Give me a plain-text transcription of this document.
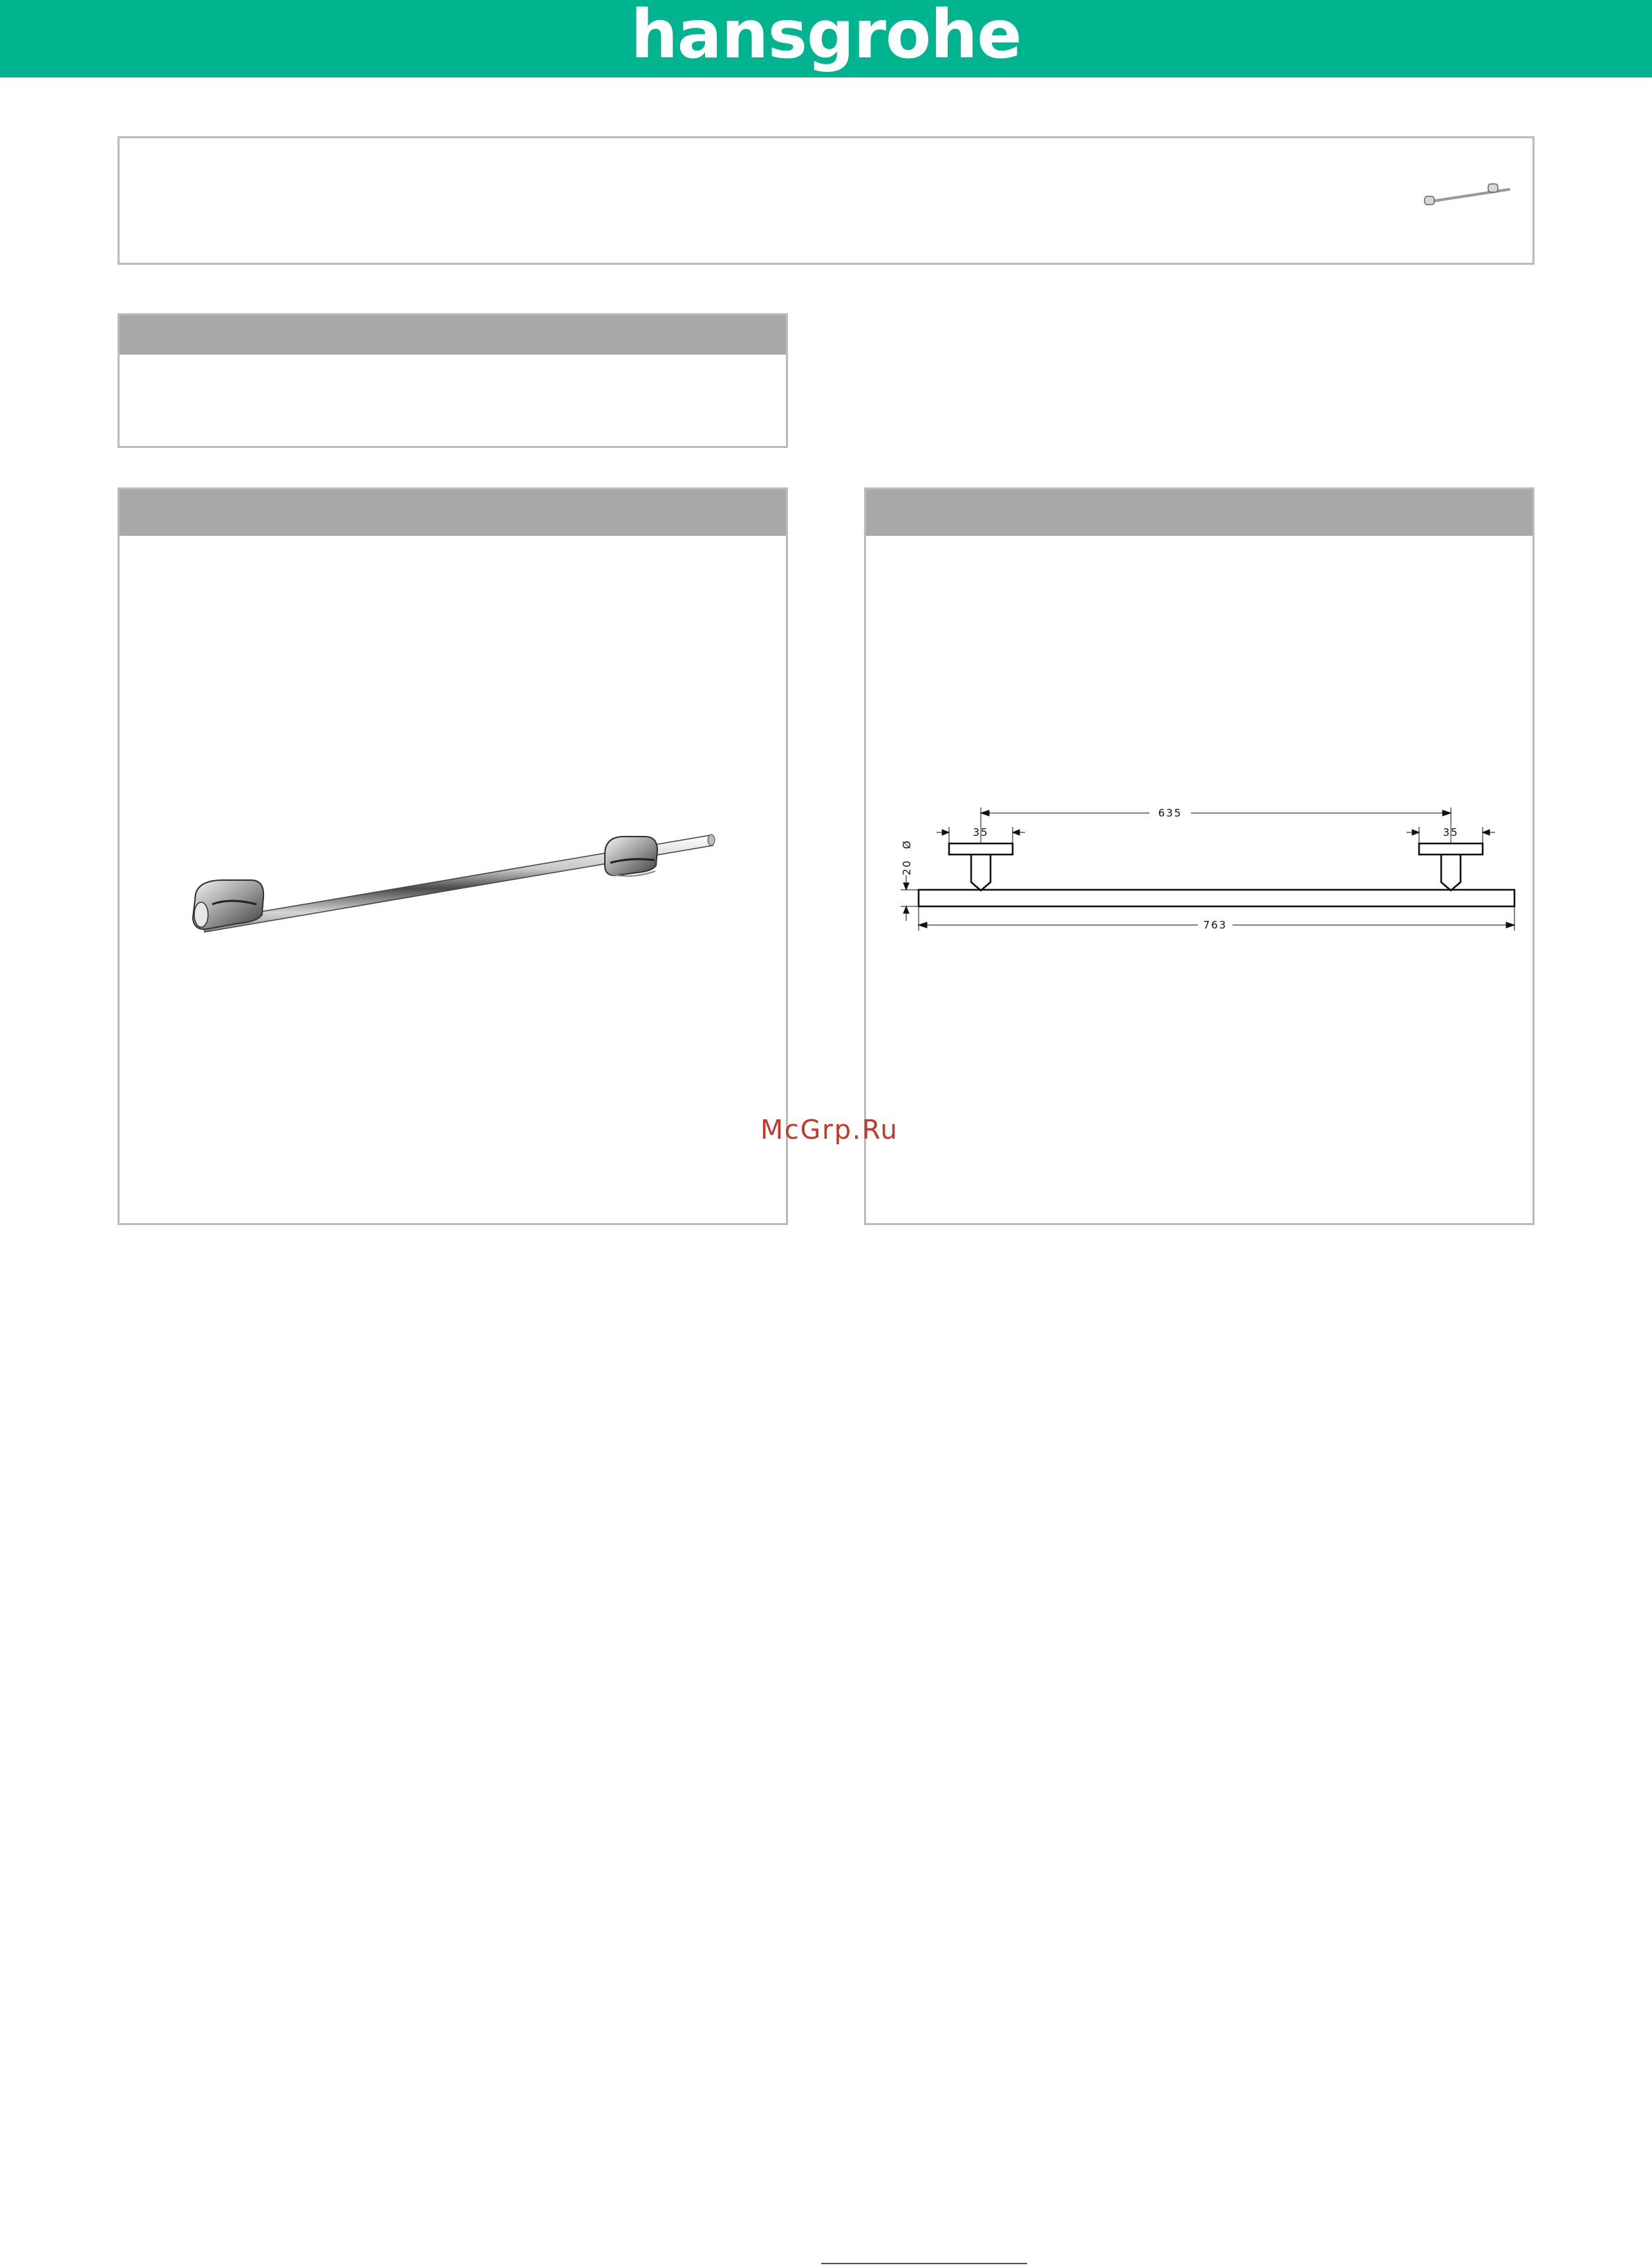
hansgrohe
635
35	35
763
Ø
20
McGrp.Ru
